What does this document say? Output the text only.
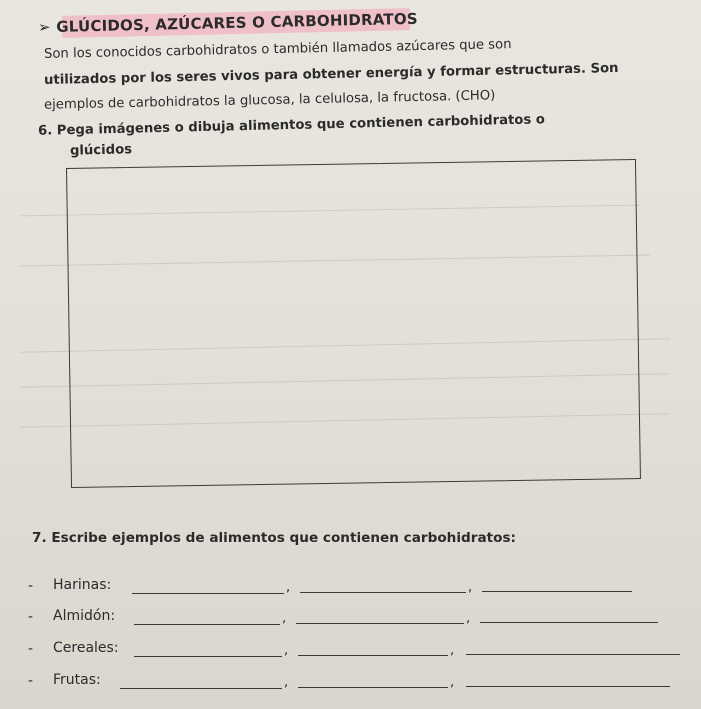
➢ GLÚCIDOS, AZÚCARES O CARBOHIDRATOS
Son los conocidos carbohidratos o también llamados azúcares que son
utilizados por los seres vivos para obtener energía y formar estructuras. Son
ejemplos de carbohidratos la glucosa, la celulosa, la fructosa. (CHO)
6. Pega imágenes o dibuja alimentos que contienen carbohidratos o
glúcidos
7. Escribe ejemplos de alimentos que contienen carbohidratos:
- Harinas:	,	,
- Almidón:	,	,
- Cereales:	,	,
- Frutas:	,	,
